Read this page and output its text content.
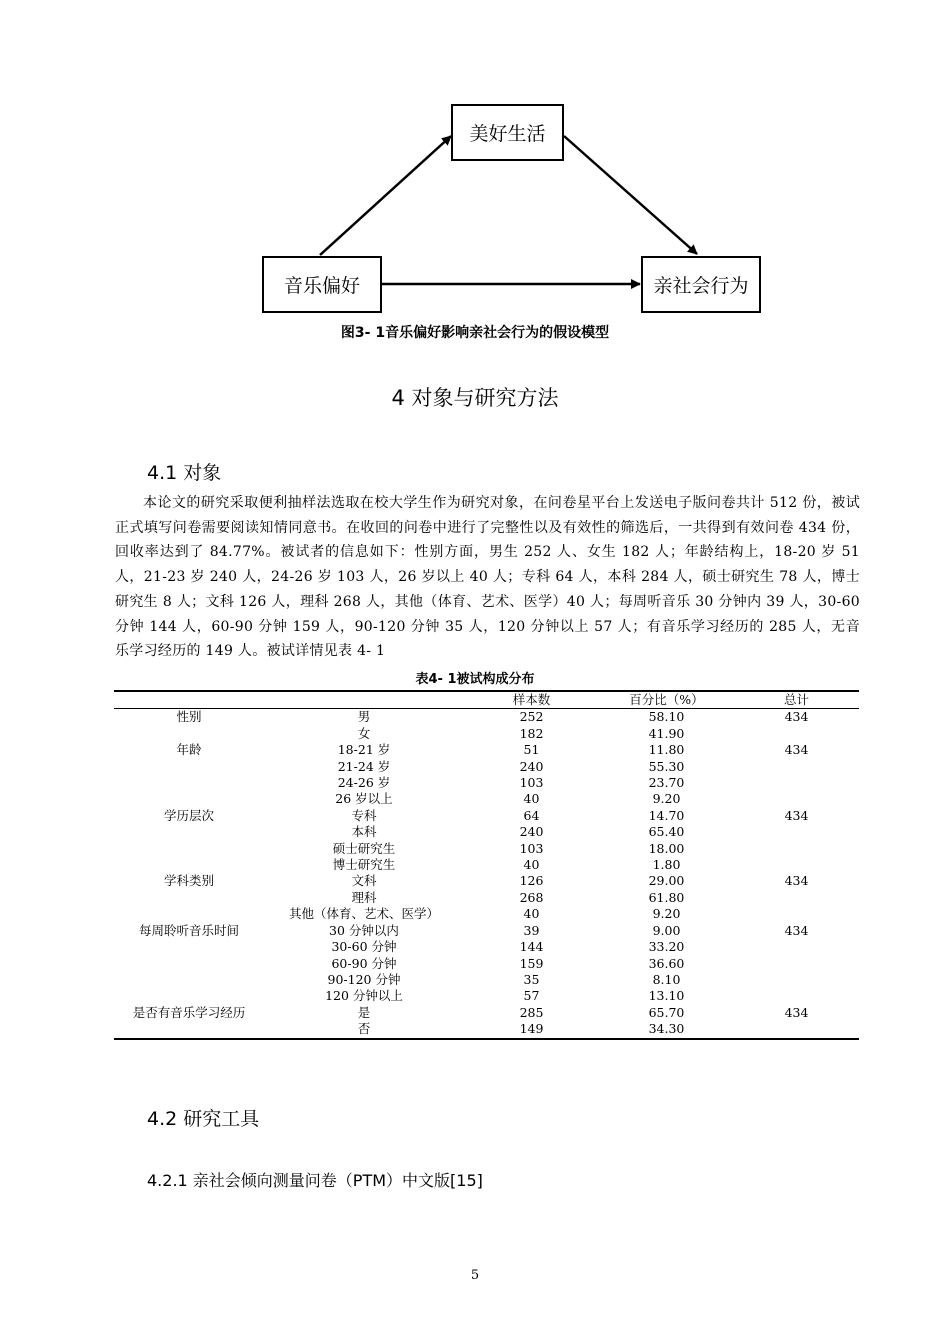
美好生活
音乐偏好	亲社会行为
图3- 1音乐偏好影响亲社会行为的假设模型
4 对象与研究方法
4.1 对象

本论文的研究采取便利抽样法选取在校大学生作为研究对象，在问卷星平台上发送电子版问卷共计 512 份，被试正式填写问卷需要阅读知情同意书。在收回的问卷中进行了完整性以及有效性的筛选后，一共得到有效问卷 434 份，回收率达到了 84.77%。被试者的信息如下：性别方面，男生 252 人、女生 182 人；年龄结构上，18-20 岁 51 人，21-23 岁 240 人，24-26 岁 103 人，26 岁以上 40 人；专科 64 人，本科 284 人，硕士研究生 78 人，博士研究生 8 人；文科 126 人，理科 268 人，其他（体育、艺术、医学）40 人；每周听音乐 30 分钟内 39 人，30-60 分钟 144 人，60-90 分钟 159 人，90-120 分钟 35 人，120 分钟以上 57 人；有音乐学习经历的 285 人，无音乐学习经历的 149 人。被试详情见表 4- 1

表4- 1被试构成分布
		样本数	百分比（%）	总计
性别	男	252	58.10	434
	女	182	41.90	
年龄	18-21 岁	51	11.80	434
	21-24 岁	240	55.30	
	24-26 岁	103	23.70	
	26 岁以上	40	9.20	
学历层次	专科	64	14.70	434
	本科	240	65.40	
	硕士研究生	103	18.00	
	博士研究生	40	1.80	
学科类别	文科	126	29.00	434
	理科	268	61.80	
	其他（体育、艺术、医学）	40	9.20	
每周聆听音乐时间	30 分钟以内	39	9.00	434
	30-60 分钟	144	33.20	
	60-90 分钟	159	36.60	
	90-120 分钟	35	8.10	
	120 分钟以上	57	13.10	
是否有音乐学习经历	是	285	65.70	434
	否	149	34.30	
4.2 研究工具
4.2.1 亲社会倾向测量问卷（PTM）中文版[15]
5
